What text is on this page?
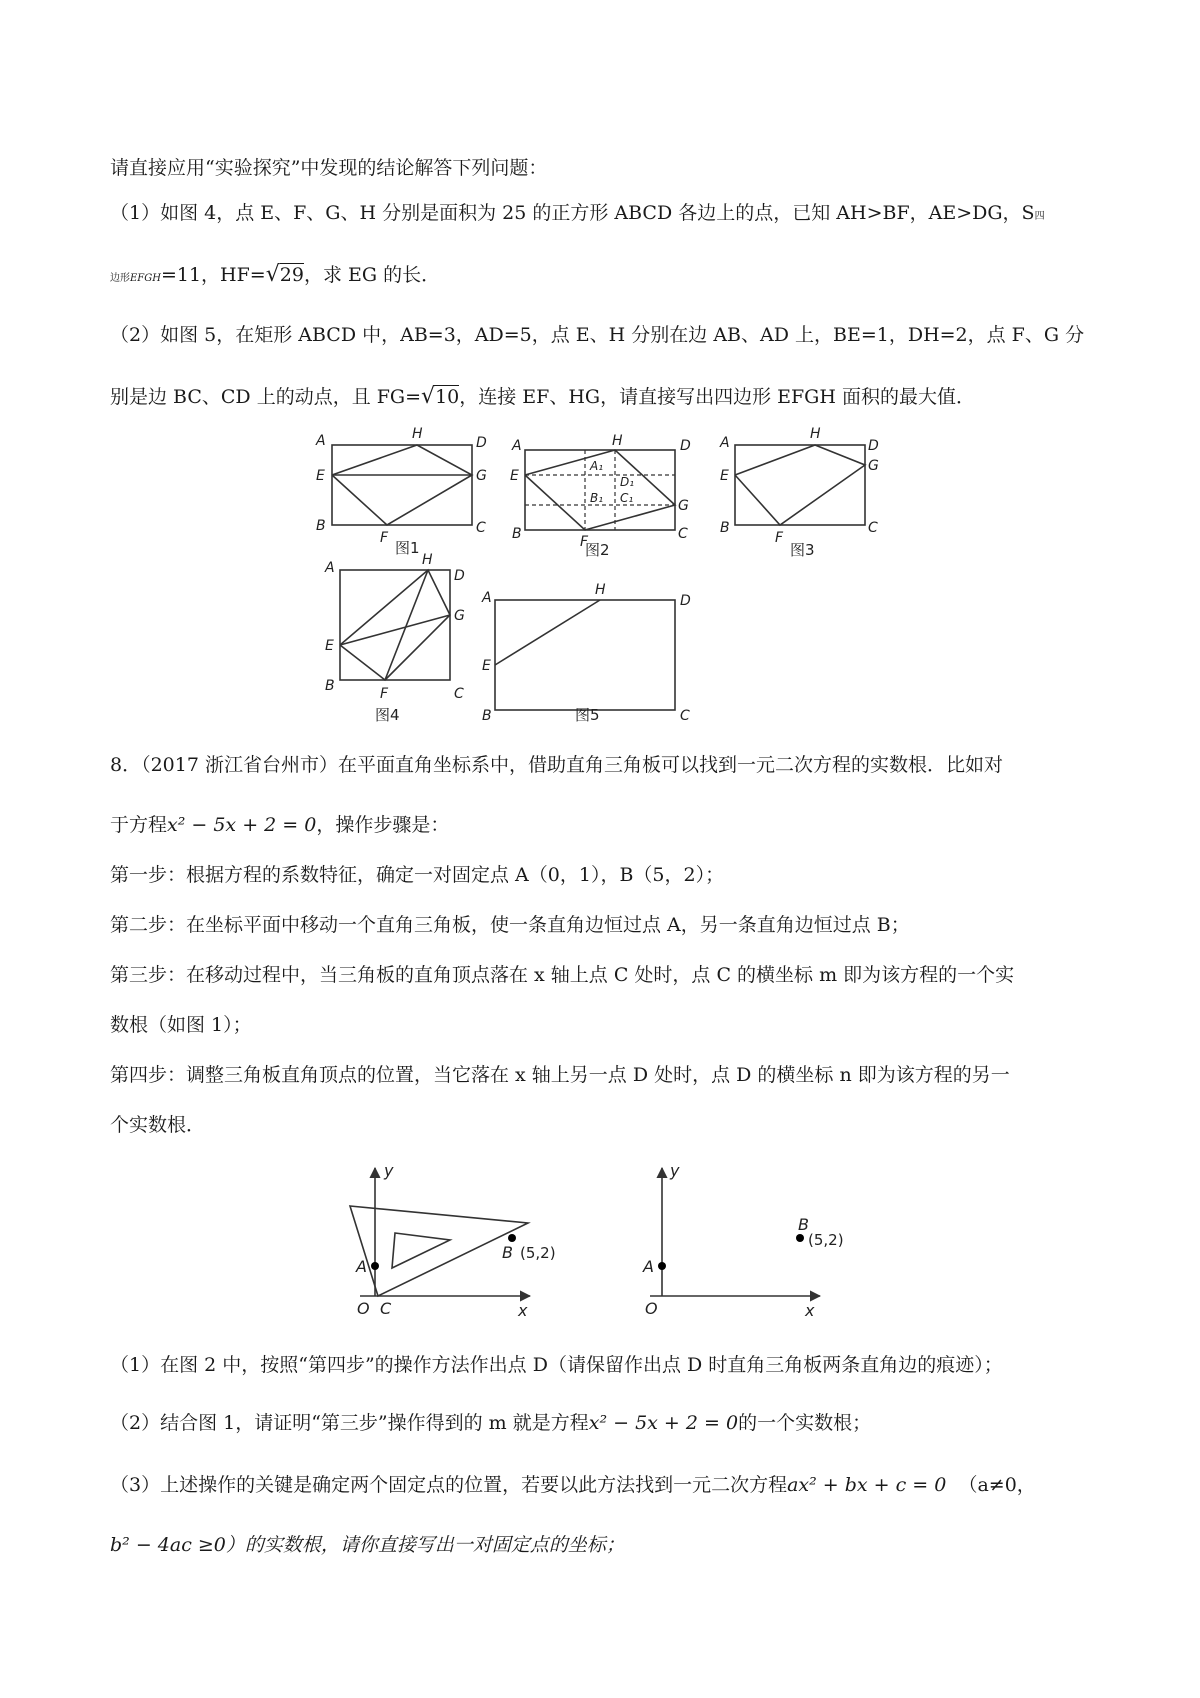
请直接应用“实验探究”中发现的结论解答下列问题：
（1）如图 4，点 E、F、G、H 分别是面积为 25 的正方形 ABCD 各边上的点，已知 AH>BF，AE>DG，S四
边形EFGH=11，HF=√29，求 EG 的长．
（2）如图 5，在矩形 ABCD 中，AB=3，AD=5，点 E、H 分别在边 AB、AD 上，BE=1，DH=2，点 F、G 分
别是边 BC、CD 上的动点，且 FG=√10，连接 EF、HG，请直接写出四边形 EFGH 面积的最大值．
A	H
D
E	G
B
F
C
A	H	D
E
G
B	F	C
A₁
B₁ C₁
D₁
A
H
D
E
G
B
F
C
A	H
D
E
G
B	F	C
A	H
D
E
B	C
图1	图2	图3
图4	图5
8．（2017 浙江省台州市）在平面直角坐标系中，借助直角三角板可以找到一元二次方程的实数根．比如对
于方程x² − 5x + 2 = 0，操作步骤是：
第一步：根据方程的系数特征，确定一对固定点 A（0，1），B（5，2）；
第二步：在坐标平面中移动一个直角三角板，使一条直角边恒过点 A，另一条直角边恒过点 B；
第三步：在移动过程中，当三角板的直角顶点落在 x 轴上点 C 处时，点 C 的横坐标 m 即为该方程的一个实
数根（如图 1）；
第四步：调整三角板直角顶点的位置，当它落在 x 轴上另一点 D 处时，点 D 的横坐标 n 即为该方程的另一
个实数根．
y
x
O C
A
B
y
x
O
A
B
(5,2)
(5,2)
（1）在图 2 中，按照“第四步”的操作方法作出点 D（请保留作出点 D 时直角三角板两条直角边的痕迹）；
（2）结合图 1，请证明“第三步”操作得到的 m 就是方程x² − 5x + 2 = 0的一个实数根；
（3）上述操作的关键是确定两个固定点的位置，若要以此方法找到一元二次方程ax² + bx + c = 0 （a≠0，
b² − 4ac ≥0）的实数根，请你直接写出一对固定点的坐标；
